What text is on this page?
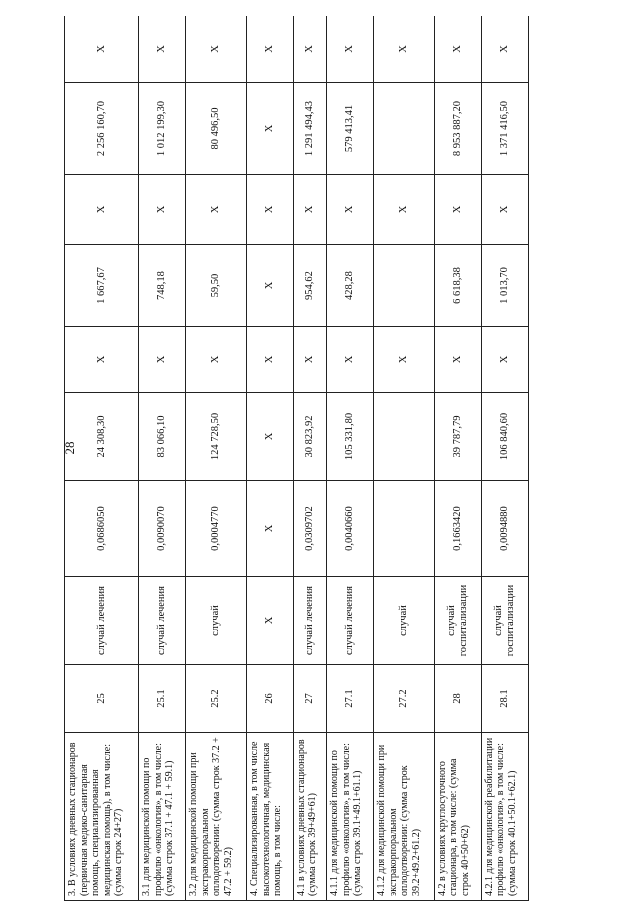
28
3. В условиях дневных стационаров (первичная медико-санитарная помощь, специализированная медицинская помощь), в том числе: (сумма строк 24+27)	25	случай лечения	0,0686050	24 308,30	X	1 667,67	X	2 256 160,70	X
3.1 для медицинской помощи по профилю «онкология», в том числе: (сумма строк 37.1 + 47.1 + 59.1)	25.1	случай лечения	0,0090070	83 066,10	X	748,18	X	1 012 199,30	X
3.2 для медицинской помощи при экстракорпоральном оплодотворении: (сумма строк 37.2 + 47.2 + 59.2)	25.2	случай	0,0004770	124 728,50	X	59,50	X	80 496,50	X
4. Специализированная, в том числе высокотехнологичная, медицинская помощь, в том числе:	26	X	X	X	X	X	X	X	X
4.1 в условиях дневных стационаров (сумма строк 39+49+61)	27	случай лечения	0,0309702	30 823,92	X	954,62	X	1 291 494,43	X
4.1.1 для медицинской помощи по профилю «онкология», в том числе: (сумма строк 39.1+49.1+61.1)	27.1	случай лечения	0,0040660	105 331,80	X	428,28	X	579 413,41	X
4.1.2 для медицинской помощи при экстракорпоральном оплодотворении: (сумма строк 39.2+49.2+61.2)	27.2	случай			X		X		X
4.2 в условиях круглосуточного стационара, в том числе: (сумма строк 40+50+62)	28	случай госпитализации	0,1663420	39 787,79	X	6 618,38	X	8 953 887,20	X
4.2.1 для медицинской реабилитации профилю «онкология», в том числе: (сумма строк 40.1+50.1+62.1)	28.1	случай госпитализации	0,0094880	106 840,60	X	1 013,70	X	1 371 416,50	X
